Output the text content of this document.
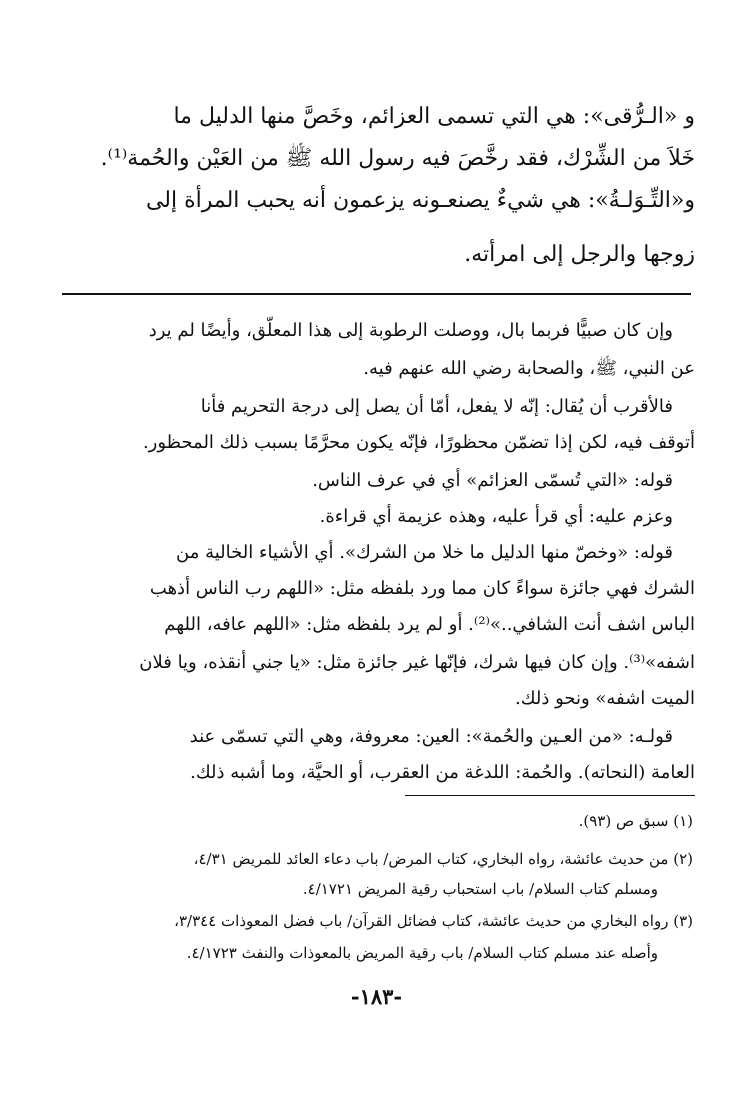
و «الـرُّقى»: هي التي تسمى العزائم، وخَصَّ منها الدليل ما

خَلاَ من الشِّرْك، فقد رخَّصَ فيه رسول الله ﷺ من العَيْن والحُمة⁽¹⁾.

و«التِّـوَلـةُ»: هي شيءٌ يصنعـونه يزعمون أنه يحبب المرأة إلى

زوجها والرجل إلى امرأته.

وإن كان صبيًّا فربما بال، ووصلت الرطوبة إلى هذا المعلَّق، وأيضًا لم يرد

عن النبي، ﷺ، والصحابة رضي الله عنهم فيه.

فالأقرب أن يُقال: إنّه لا يفعل، أمّا أن يصل إلى درجة التحريم فأنا

أتوقف فيه، لكن إذا تضمّن محظورًا، فإنّه يكون محرَّمًا بسبب ذلك المحظور.

قوله: «التي تُسمّى العزائم» أي في عرف الناس.

وعزم عليه: أي قرأ عليه، وهذه عزيمة أي قراءة.

قوله: «وخصّ منها الدليل ما خلا من الشرك». أي الأشياء الخالية من

الشرك فهي جائزة سواءً كان مما ورد بلفظه مثل: «اللهم رب الناس أذهب

الباس اشف أنت الشافي..»⁽²⁾. أو لم يرد بلفظه مثل: «اللهم عافه، اللهم

اشفه»⁽³⁾. وإن كان فيها شرك، فإنّها غير جائزة مثل: «يا جني أنقذه، ويا فلان

الميت اشفه» ونحو ذلك.

قولـه: «من العـين والحُمة»: العين: معروفة، وهي التي تسمّى عند

العامة (النحاته). والحُمة: اللدغة من العقرب، أو الحيَّة، وما أشبه ذلك.

(١) سبق ص (٩٣).

(٢) من حديث عائشة، رواه البخاري، كتاب المرض/ باب دعاء العائد للمريض ٤/٣١،

ومسلم كتاب السلام/ باب استحباب رقية المريض ٤/١٧٢١.

(٣) رواه البخاري من حديث عائشة، كتاب فضائل القرآن/ باب فضل المعوذات ٣/٣٤٤،

وأصله عند مسلم كتاب السلام/ باب رقية المريض بالمعوذات والنفث ٤/١٧٢٣.

-١٨٣-
